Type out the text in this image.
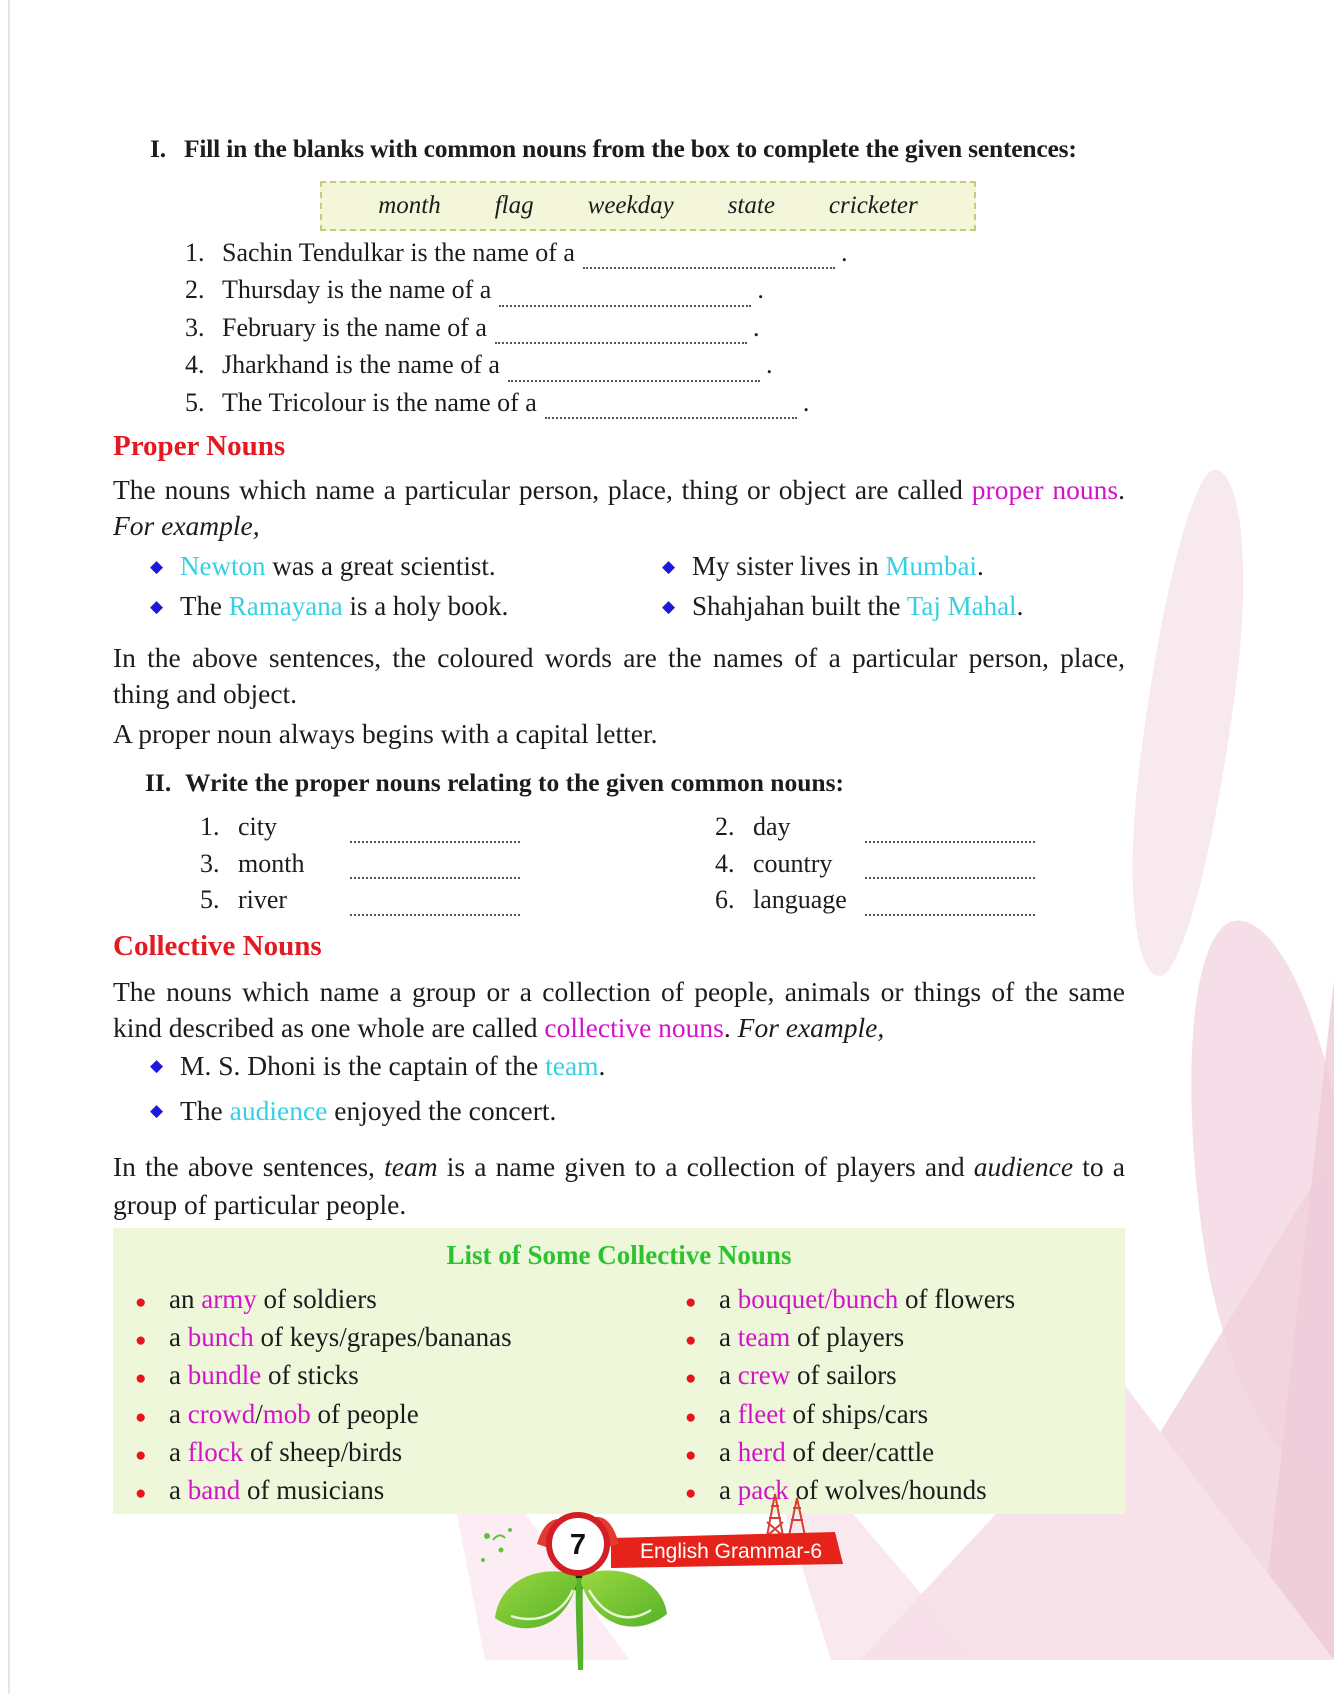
I. Fill in the blanks with common nouns from the box to complete the given sentences:
month flag weekday state cricketer
1. Sachin Tendulkar is the name of a	.
2. Thursday is the name of a	.
3. February is the name of a	.
4. Jharkhand is the name of a	.
5. The Tricolour is the name of a	.
Proper Nouns
The nouns which name a particular person, place, thing or object are called proper nouns. For example,
◆ Newton was a great scientist.	◆ My sister lives in Mumbai.
◆ The Ramayana is a holy book.	◆ Shahjahan built the Taj Mahal.
In the above sentences, the coloured words are the names of a particular person, place, thing and object.
A proper noun always begins with a capital letter.
II. Write the proper nouns relating to the given common nouns:
1. city	2. day
3. month	4. country
5. river	6. language
Collective Nouns
The nouns which name a group or a collection of people, animals or things of the same kind described as one whole are called collective nouns. For example,
◆ M. S. Dhoni is the captain of the team.
◆ The audience enjoyed the concert.
In the above sentences, team is a name given to a collection of players and audience to a group of particular people.
List of Some Collective Nouns
● an army of soldiers
● a bunch of keys/grapes/bananas
● a bundle of sticks
● a crowd/mob of people
● a flock of sheep/birds
● a band of musicians
● a bouquet/bunch of flowers
● a team of players
● a crew of sailors
● a fleet of ships/cars
● a herd of deer/cattle
● a pack of wolves/hounds
English Grammar-6
7
